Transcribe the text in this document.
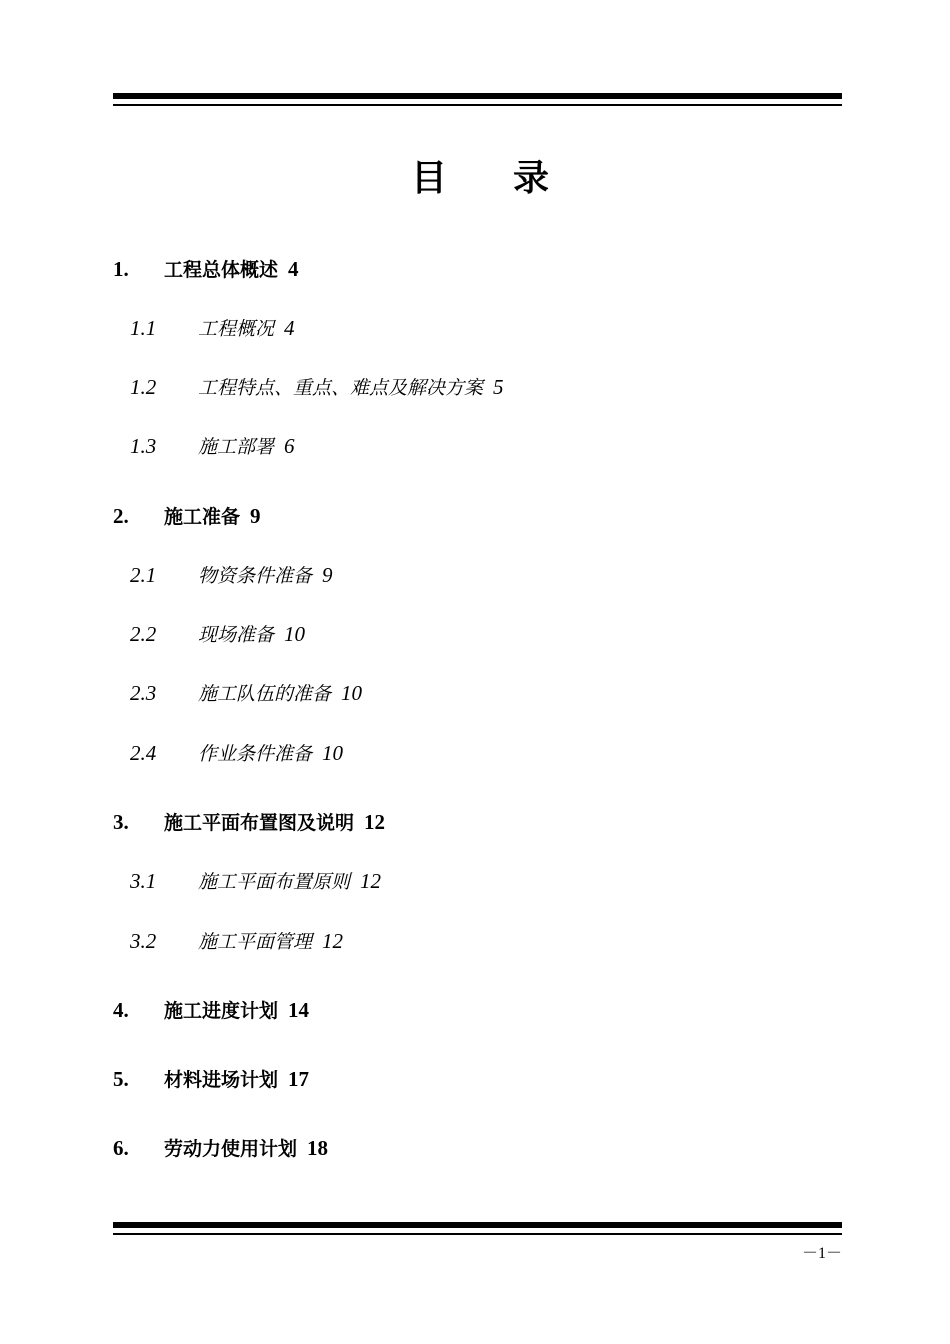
目 录
1. 工程总体概述 4
1.1 工程概况 4
1.2 工程特点、重点、难点及解决方案 5
1.3 施工部署 6
2. 施工准备 9
2.1 物资条件准备 9
2.2 现场准备 10
2.3 施工队伍的准备 10
2.4 作业条件准备 10
3. 施工平面布置图及说明 12
3.1 施工平面布置原则 12
3.2 施工平面管理 12
4. 施工进度计划 14
5. 材料进场计划 17
6. 劳动力使用计划 18
－1－
